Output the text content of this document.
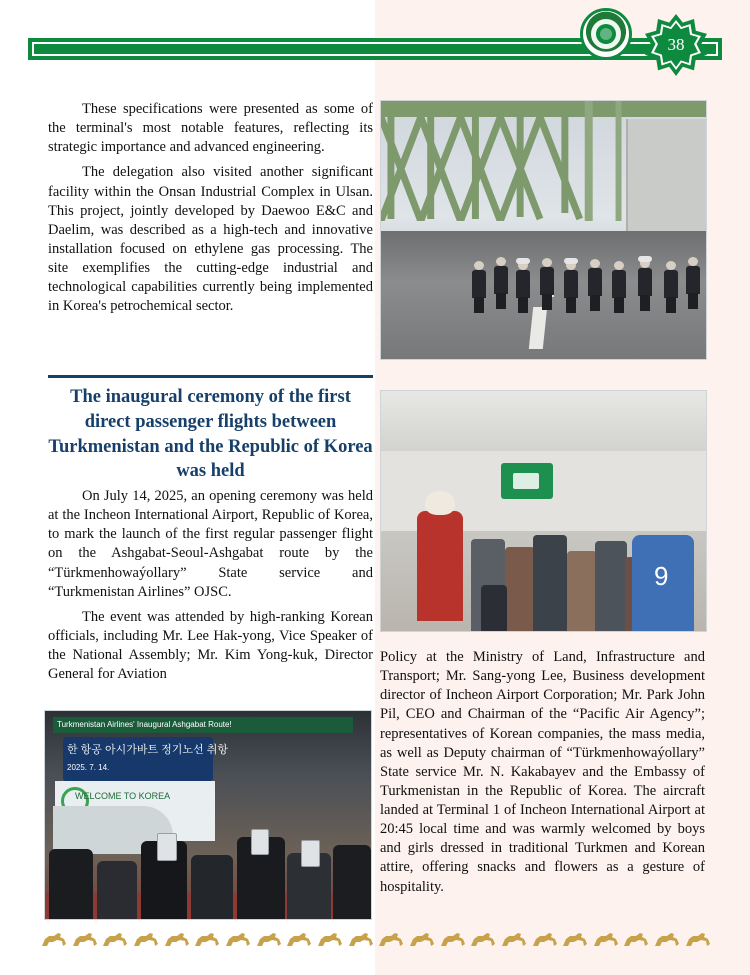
38

These specifications were presented as some of the terminal's most notable features, reflecting its strategic importance and advanced engineering.

The delegation also visited another significant facility within the Onsan Industrial Complex in Ulsan. This project, jointly developed by Daewoo E&C and Daelim, was described as a high-tech and innovative installation focused on ethylene gas processing. The site exemplifies the cutting-edge industrial and technological capabilities currently being implemented in Korea's petrochemical sector.

The inaugural ceremony of the first direct passenger flights between Turkmenistan and the Republic of Korea was held

On July 14, 2025, an opening ceremony was held at the Incheon International Airport, Republic of Korea, to mark the launch of the first regular passenger flight on the Ashgabat-Seoul-Ashgabat route by the “Türkmenhowaýollary” State service and “Turkmenistan Airlines” OJSC.

The event was attended by high-ranking Korean officials, including Mr. Lee Hak-yong, Vice Speaker of the National Assembly; Mr. Kim Yong-kuk, Director General for Aviation

9

Policy at the Ministry of Land, Infrastructure and Transport; Mr. Sang-yong Lee, Business development director of Incheon Airport Corporation; Mr. Park John Pil, CEO and Chairman of the “Pacific Air Agency”; representatives of Korean companies, the mass media, as well as Deputy chairman of “Türkmenhowaýollary” State service Mr. N. Kakabayev and the Embassy of Turkmenistan in the Republic of Korea. The aircraft landed at Terminal 1 of Incheon International Airport at 20:45 local time and was warmly welcomed by boys and girls dressed in traditional Turkmen and Korean attire, offering snacks and flowers as a gesture of hospitality.

Turkmenistan Airlines' Inaugural Ashgabat Route!
한 항공 아시가바트 정기노선 취항
2025. 7. 14.
WELCOME TO KOREA
